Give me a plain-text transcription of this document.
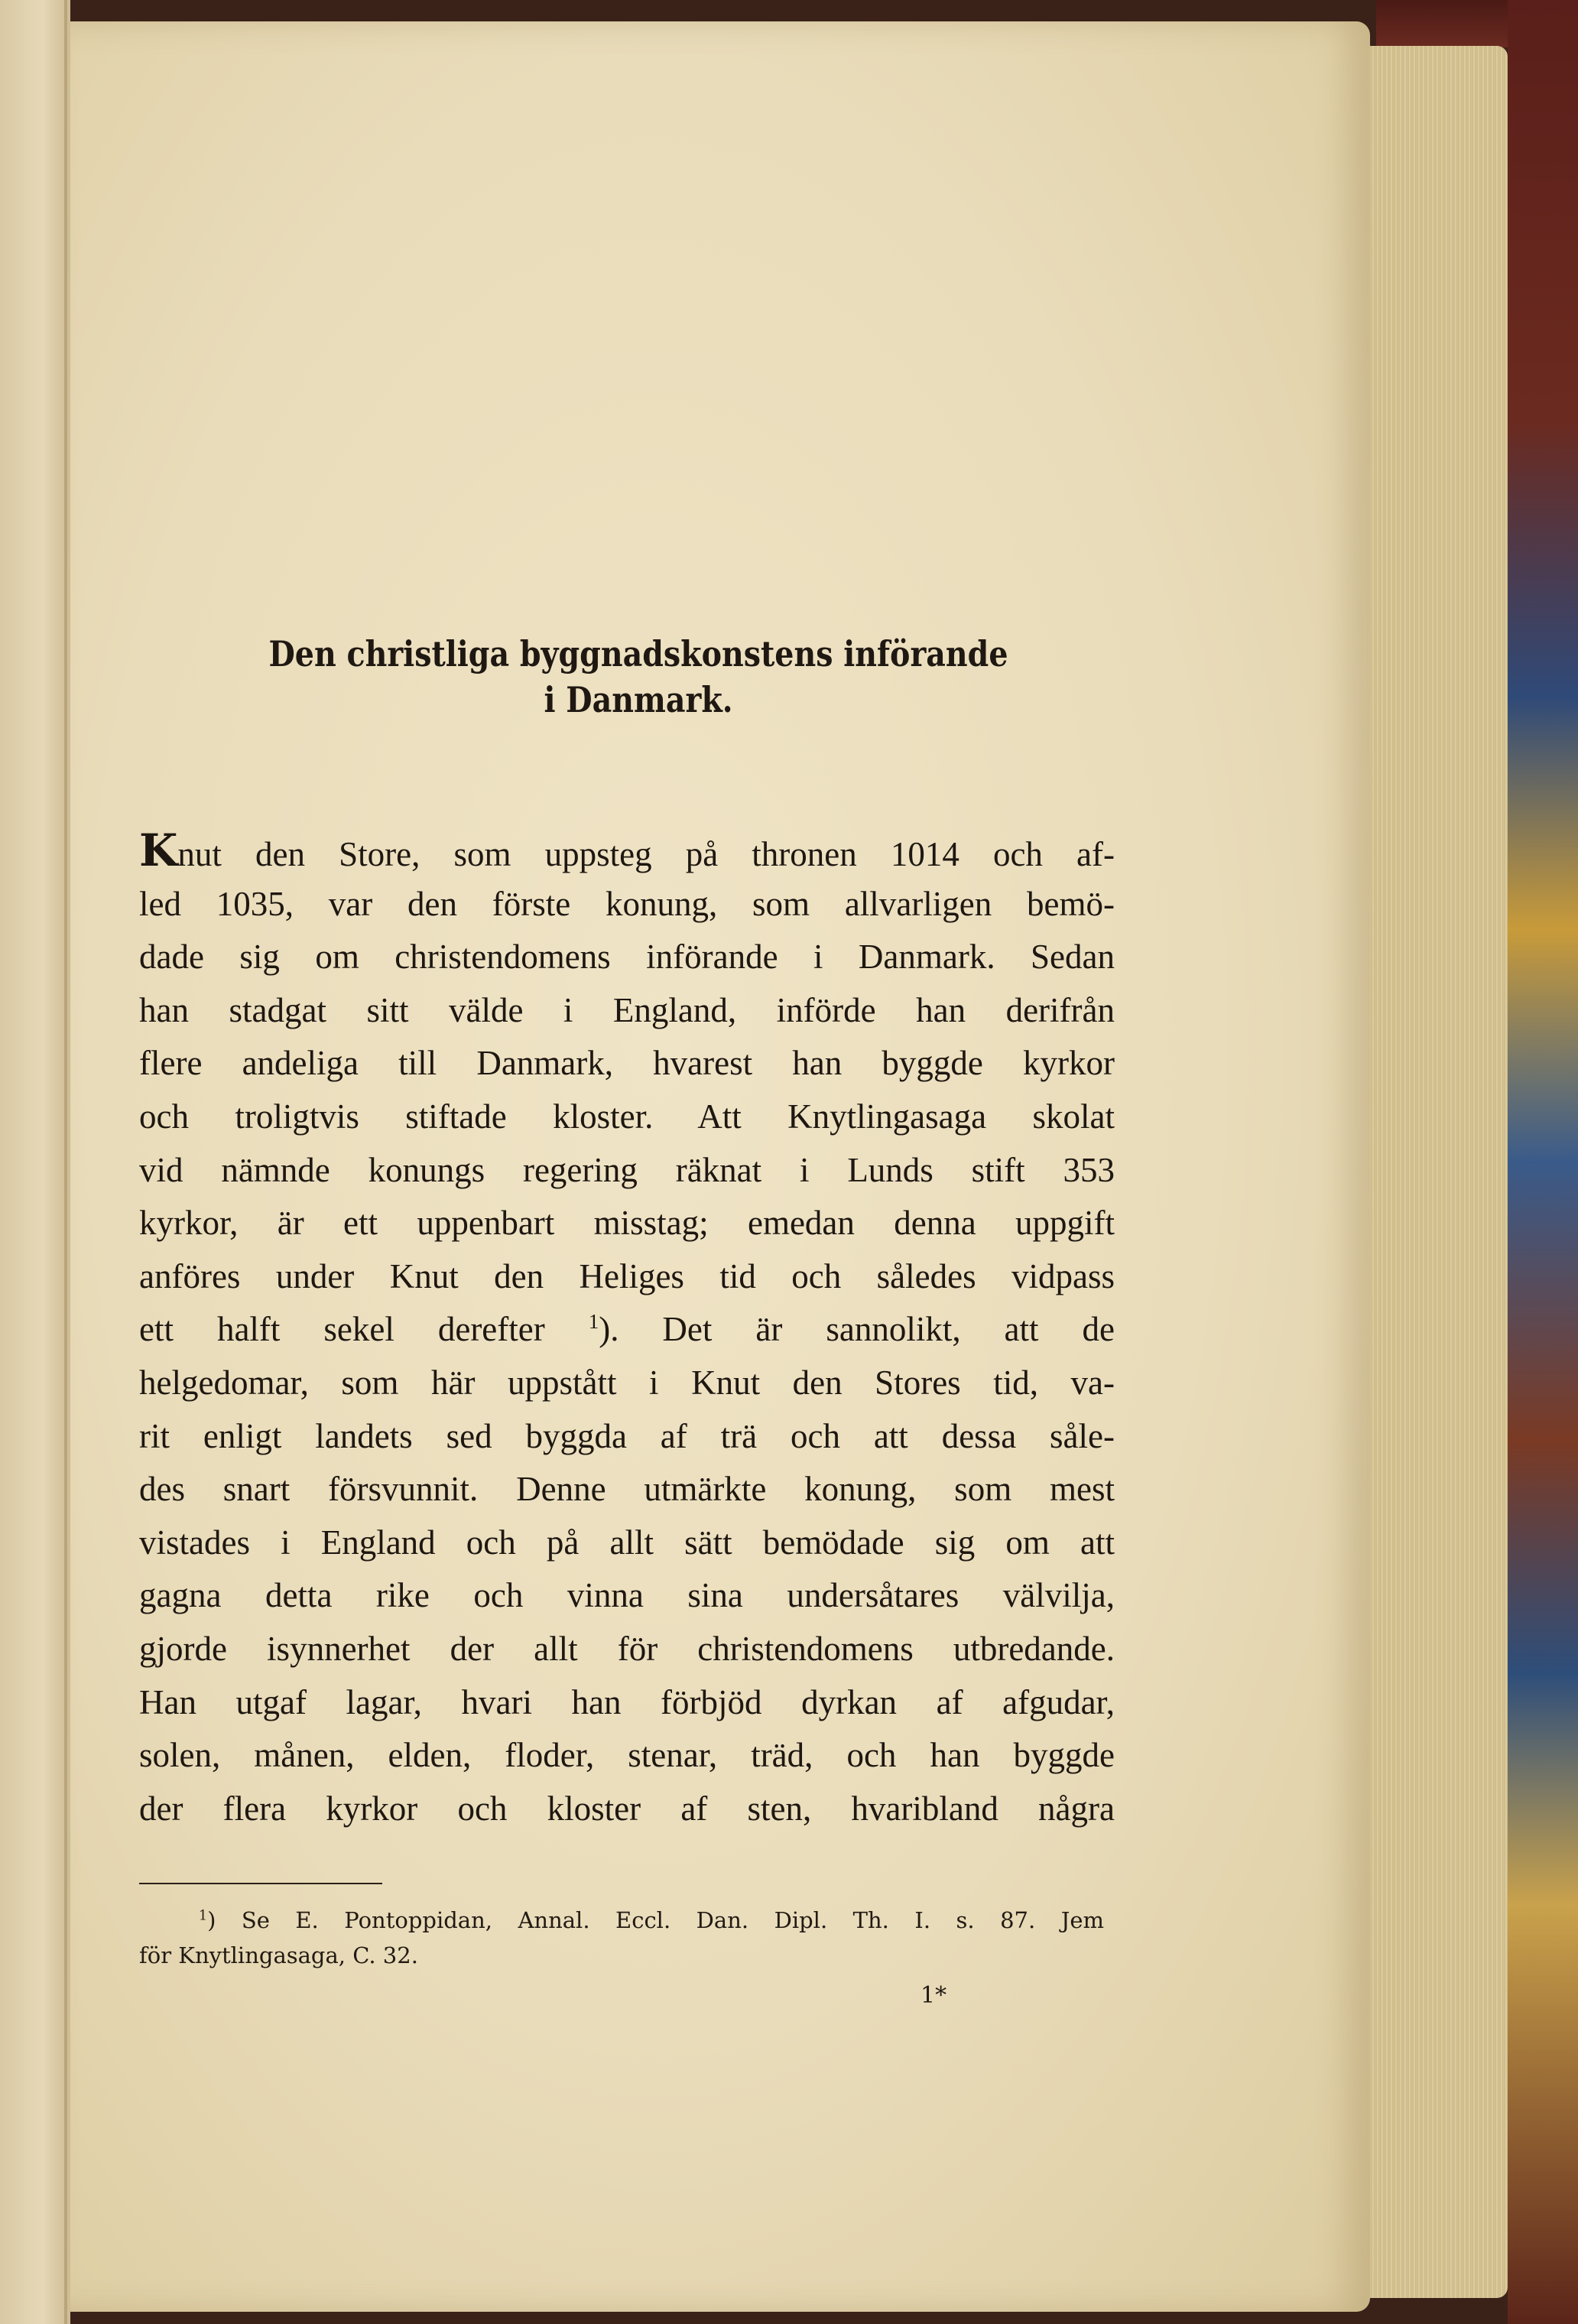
Den christliga byggnadskonstens införande
i Danmark.
Knut den Store, som uppsteg på thronen 1014 och af-
led 1035, var den förste konung, som allvarligen bemö-
dade sig om christendomens införande i Danmark. Sedan
han stadgat sitt välde i England, införde han derifrån
flere andeliga till Danmark, hvarest han byggde kyrkor
och troligtvis stiftade kloster. Att Knytlingasaga skolat
vid nämnde konungs regering räknat i Lunds stift 353
kyrkor, är ett uppenbart misstag; emedan denna uppgift
anföres under Knut den Heliges tid och således vidpass
ett halft sekel derefter $^1$). Det är sannolikt, att de
helgedomar, som här uppstått i Knut den Stores tid, va-
rit enligt landets sed byggda af trä och att dessa såle-
des snart försvunnit. Denne utmärkte konung, som mest
vistades i England och på allt sätt bemödade sig om att
gagna detta rike och vinna sina undersåtares välvilja,
gjorde isynnerhet der allt för christendomens utbredande.
Han utgaf lagar, hvari han förbjöd dyrkan af afgudar,
solen, månen, elden, floder, stenar, träd, och han byggde
der flera kyrkor och kloster af sten, hvaribland några
$^1$) Se E. Pontoppidan, Annal. Eccl. Dan. Dipl. Th. I. s. 87. Jem
för Knytlingasaga, C. 32.
1*
